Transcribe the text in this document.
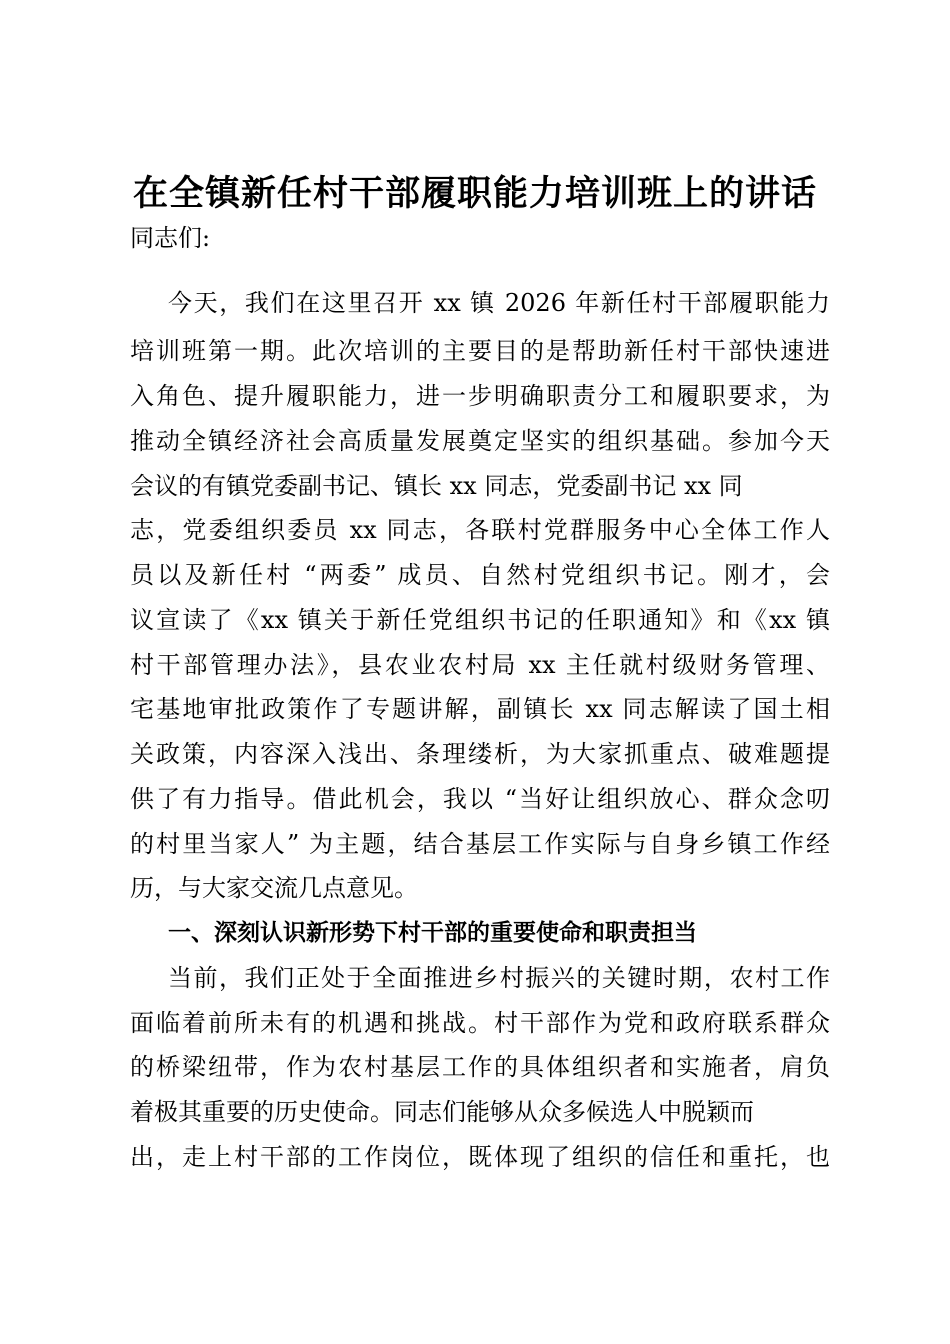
在全镇新任村干部履职能力培训班上的讲话
同志们:
今天，我们在这里召开 xx 镇 2026 年新任村干部履职能力
培训班第一期。此次培训的主要目的是帮助新任村干部快速进
入角色、提升履职能力，进一步明确职责分工和履职要求，为
推动全镇经济社会高质量发展奠定坚实的组织基础。参加今天
会议的有镇党委副书记、镇长 xx 同志，党委副书记 xx 同
志，党委组织委员 xx 同志，各联村党群服务中心全体工作人
员以及新任村 “两委” 成员、自然村党组织书记。刚才，会
议宣读了《xx 镇关于新任党组织书记的任职通知》和《xx 镇
村干部管理办法》，县农业农村局 xx 主任就村级财务管理、
宅基地审批政策作了专题讲解，副镇长 xx 同志解读了国土相
关政策，内容深入浅出、条理缕析，为大家抓重点、破难题提
供了有力指导。借此机会，我以 “当好让组织放心、群众念叨
的村里当家人” 为主题，结合基层工作实际与自身乡镇工作经
历，与大家交流几点意见。
一、深刻认识新形势下村干部的重要使命和职责担当
当前，我们正处于全面推进乡村振兴的关键时期，农村工作
面临着前所未有的机遇和挑战。村干部作为党和政府联系群众
的桥梁纽带，作为农村基层工作的具体组织者和实施者，肩负
着极其重要的历史使命。同志们能够从众多候选人中脱颖而
出，走上村干部的工作岗位，既体现了组织的信任和重托，也
